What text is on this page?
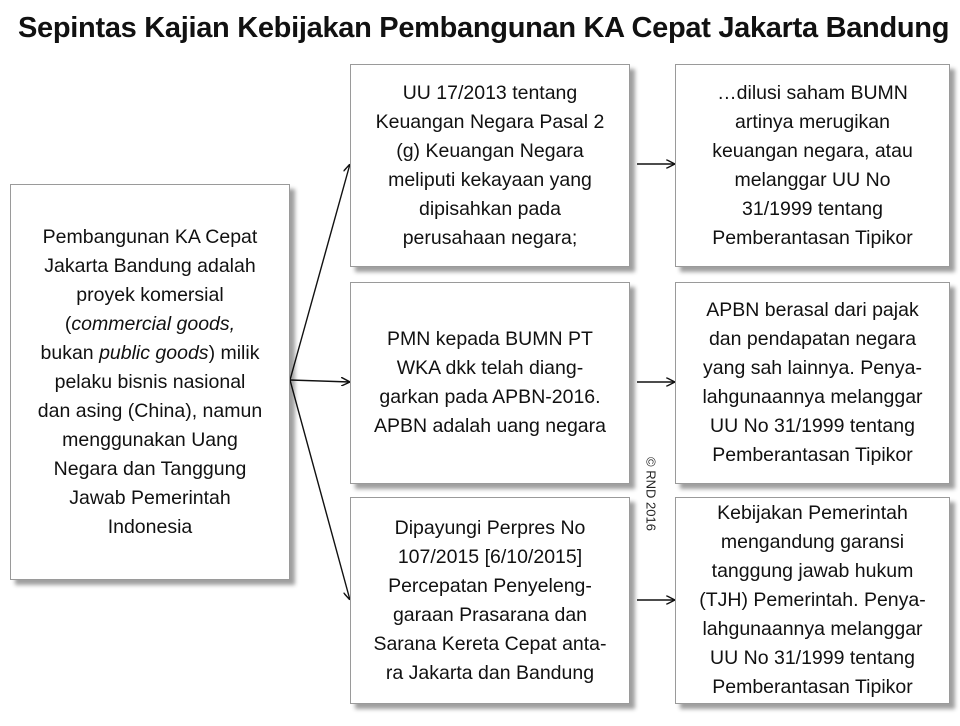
Sepintas Kajian Kebijakan Pembangunan KA Cepat Jakarta Bandung
Pembangunan KA Cepat
Jakarta Bandung adalah
proyek komersial
(commercial goods,
bukan public goods) milik
pelaku bisnis nasional
dan asing (China), namun
menggunakan Uang
Negara dan Tanggung
Jawab Pemerintah
Indonesia
UU 17/2013 tentang
Keuangan Negara Pasal 2
(g) Keuangan Negara
meliputi kekayaan yang
dipisahkan pada
perusahaan negara;
PMN kepada BUMN PT
WKA dkk telah diang-
garkan pada APBN-2016.
APBN adalah uang negara
Dipayungi Perpres No
107/2015 [6/10/2015]
Percepatan Penyeleng-
garaan Prasarana dan
Sarana Kereta Cepat anta-
ra Jakarta dan Bandung
…dilusi saham BUMN
artinya merugikan
keuangan negara, atau
melanggar UU No
31/1999 tentang
Pemberantasan Tipikor
APBN berasal dari pajak
dan pendapatan negara
yang sah lainnya. Penya-
lahgunaannya melanggar
UU No 31/1999 tentang
Pemberantasan Tipikor
Kebijakan Pemerintah
mengandung garansi
tanggung jawab hukum
(TJH) Pemerintah. Penya-
lahgunaannya melanggar
UU No 31/1999 tentang
Pemberantasan Tipikor
© RND 2016
